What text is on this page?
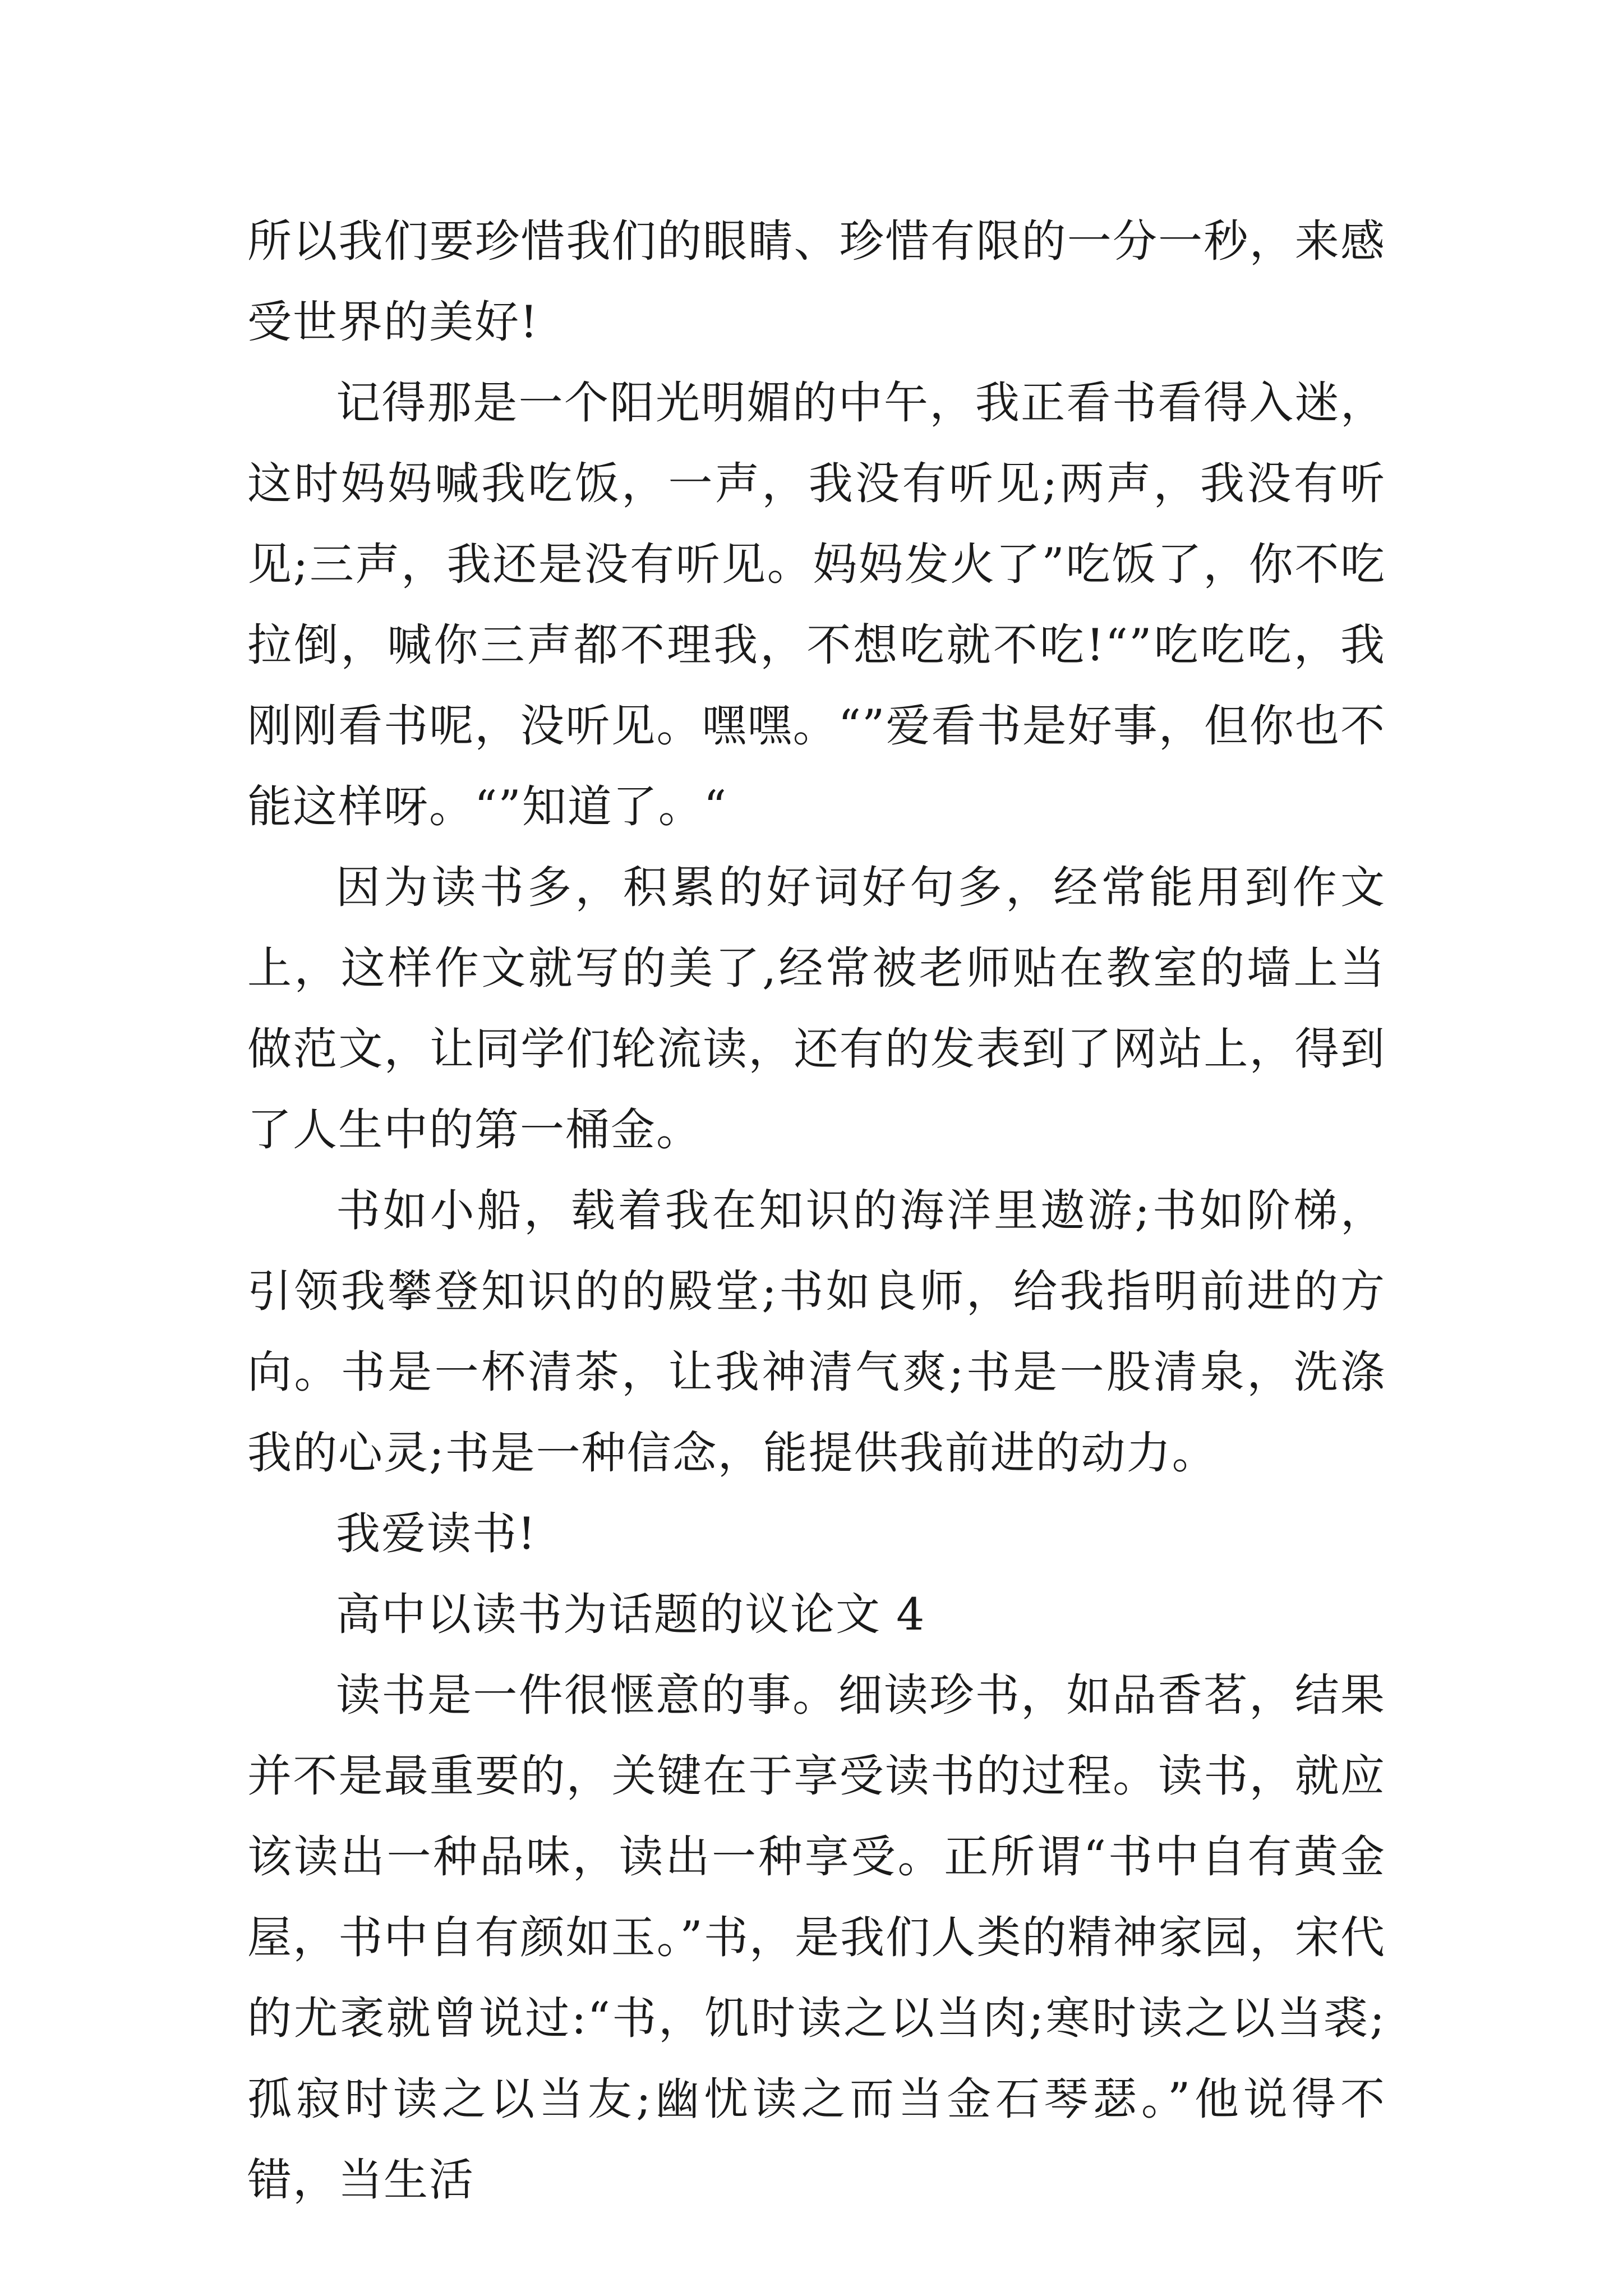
所以我们要珍惜我们的眼睛、珍惜有限的一分一秒，来感受世界的美好!

记得那是一个阳光明媚的中午，我正看书看得入迷，这时妈妈喊我吃饭，一声，我没有听见;两声，我没有听见;三声，我还是没有听见。妈妈发火了”吃饭了，你不吃拉倒，喊你三声都不理我，不想吃就不吃!“”吃吃吃，我刚刚看书呢，没听见。嘿嘿。“”爱看书是好事，但你也不能这样呀。“”知道了。“

因为读书多，积累的好词好句多，经常能用到作文上，这样作文就写的美了,经常被老师贴在教室的墙上当做范文，让同学们轮流读，还有的发表到了网站上，得到了人生中的第一桶金。

书如小船，载着我在知识的海洋里遨游;书如阶梯，引领我攀登知识的的殿堂;书如良师，给我指明前进的方向。书是一杯清茶，让我神清气爽;书是一股清泉，洗涤我的心灵;书是一种信念，能提供我前进的动力。

我爱读书!

高中以读书为话题的议论文 4

读书是一件很惬意的事。细读珍书，如品香茗，结果并不是最重要的，关键在于享受读书的过程。读书，就应该读出一种品味，读出一种享受。正所谓“书中自有黄金屋，书中自有颜如玉。”书，是我们人类的精神家园，宋代的尤袤就曾说过:“书，饥时读之以当肉;寒时读之以当裘;孤寂时读之以当友;幽忧读之而当金石琴瑟。”他说得不错，当生活
